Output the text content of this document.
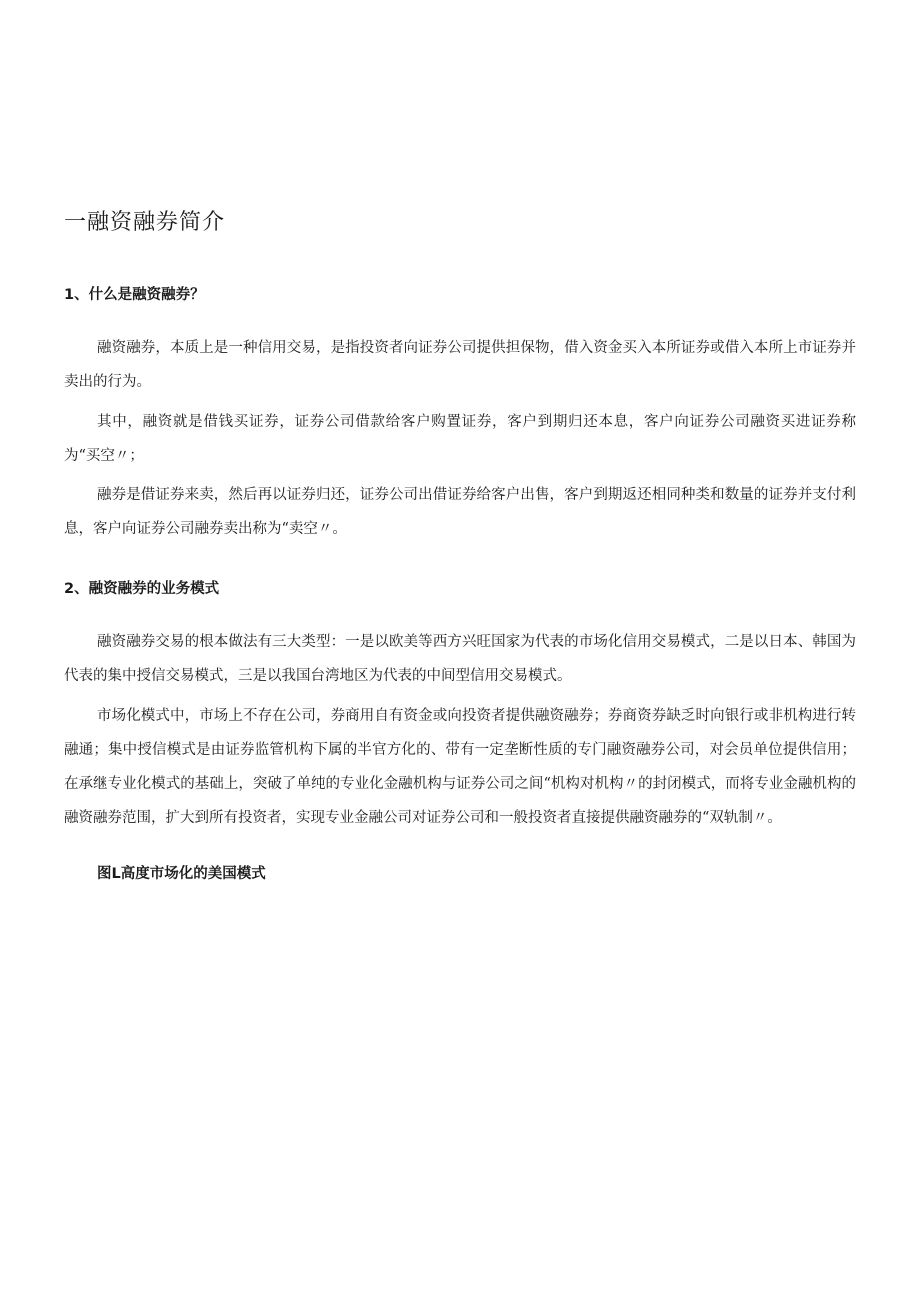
一融资融券简介
1、什么是融资融券？

融资融券，本质上是一种信用交易，是指投资者向证券公司提供担保物，借入资金买入本所证券或借入本所上市证券并卖出的行为。

其中，融资就是借钱买证券，证券公司借款给客户购置证券，客户到期归还本息，客户向证券公司融资买进证券称为“买空〃；

融券是借证券来卖，然后再以证券归还，证券公司出借证券给客户出售，客户到期返还相同种类和数量的证券并支付利息，客户向证券公司融券卖出称为“卖空〃。

2、融资融券的业务模式

融资融券交易的根本做法有三大类型：一是以欧美等西方兴旺国家为代表的市场化信用交易模式，二是以日本、韩国为代表的集中授信交易模式，三是以我国台湾地区为代表的中间型信用交易模式。

市场化模式中，市场上不存在公司，券商用自有资金或向投资者提供融资融券；券商资券缺乏时向银行或非机构进行转融通；集中授信模式是由证券监管机构下属的半官方化的、带有一定垄断性质的专门融资融券公司，对会员单位提供信用；在承继专业化模式的基础上，突破了单纯的专业化金融机构与证券公司之间“机构对机构〃的封闭模式，而将专业金融机构的融资融券范围，扩大到所有投资者，实现专业金融公司对证券公司和一般投资者直接提供融资融券的“双轨制〃。

图L高度市场化的美国模式
